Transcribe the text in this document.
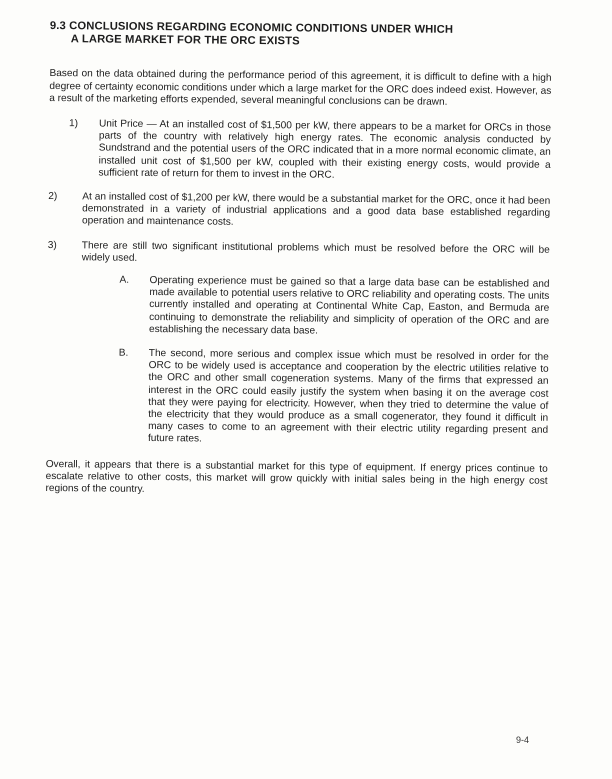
9.3 CONCLUSIONS REGARDING ECONOMIC CONDITIONS UNDER WHICH
A LARGE MARKET FOR THE ORC EXISTS

Based on the data obtained during the performance period of this agreement, it is difficult to define with a high degree of certainty economic conditions under which a large market for the ORC does indeed exist. However, as a result of the marketing efforts expended, several meaningful conclusions can be drawn.

1) Unit Price — At an installed cost of $1,500 per kW, there appears to be a market for ORCs in those parts of the country with relatively high energy rates. The economic analysis conducted by Sundstrand and the potential users of the ORC indicated that in a more normal economic climate, an installed unit cost of $1,500 per kW, coupled with their existing energy costs, would provide a sufficient rate of return for them to invest in the ORC.
2) At an installed cost of $1,200 per kW, there would be a substantial market for the ORC, once it had been demonstrated in a variety of industrial applications and a good data base established regarding operation and maintenance costs.
3) There are still two significant institutional problems which must be resolved before the ORC will be widely used.
A. Operating experience must be gained so that a large data base can be established and made available to potential users relative to ORC reliability and operating costs. The units currently installed and operating at Continental White Cap, Easton, and Bermuda are continuing to demonstrate the reliability and simplicity of operation of the ORC and are establishing the necessary data base.
B. The second, more serious and complex issue which must be resolved in order for the ORC to be widely used is acceptance and cooperation by the electric utilities relative to the ORC and other small cogeneration systems. Many of the firms that expressed an interest in the ORC could easily justify the system when basing it on the average cost that they were paying for electricity. However, when they tried to determine the value of the electricity that they would produce as a small cogenerator, they found it difficult in many cases to come to an agreement with their electric utility regarding present and future rates.

Overall, it appears that there is a substantial market for this type of equipment. If energy prices continue to escalate relative to other costs, this market will grow quickly with initial sales being in the high energy cost regions of the country.

9-4
